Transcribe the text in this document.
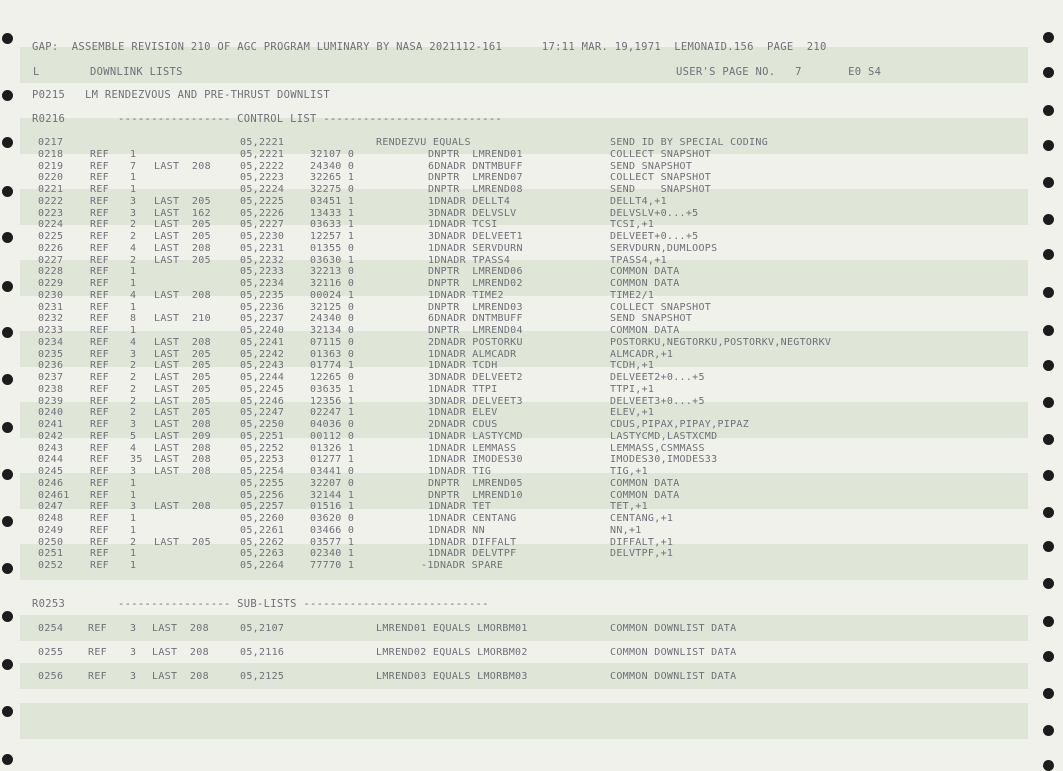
GAP:  ASSEMBLE REVISION 210 OF AGC PROGRAM LUMINARY BY NASA 2021112-161      17:11 MAR. 19,1971  LEMONAID.156  PAGE  210
L	DOWNLINK LISTS	USER'S PAGE NO.   7       E0 S4
P0215   LM RENDEZVOUS AND PRE-THRUST DOWNLIST
R0216	----------------- CONTROL LIST ---------------------------
0217	05,2221	RENDEZVU EQUALS	SEND ID BY SPECIAL CODING
0218	REF 1	05,2221	32107 0	DNPTR  LMREND01	COLLECT SNAPSHOT
0219	REF 7 LAST  208	05,2222	24340 0	6DNADR DNTMBUFF	SEND SNAPSHOT
0220	REF 1	05,2223	32265 1	DNPTR  LMREND07	COLLECT SNAPSHOT
0221	REF 1	05,2224	32275 0	DNPTR  LMREND08	SEND    SNAPSHOT
0222	REF 3 LAST  205	05,2225	03451 1	1DNADR DELLT4	DELLT4,+1
0223	REF 3 LAST  162	05,2226	13433 1	3DNADR DELVSLV	DELVSLV+0...+5
0224	REF 2 LAST  205	05,2227	03633 1	1DNADR TCSI	TCSI,+1
0225	REF 2 LAST  205	05,2230	12257 1	3DNADR DELVEET1	DELVEET+0...+5
0226	REF 4 LAST  208	05,2231	01355 0	1DNADR SERVDURN	SERVDURN,DUMLOOPS
0227	REF 2 LAST  205	05,2232	03630 1	1DNADR TPASS4	TPASS4,+1
0228	REF 1	05,2233	32213 0	DNPTR  LMREND06	COMMON DATA
0229	REF 1	05,2234	32116 0	DNPTR  LMREND02	COMMON DATA
0230	REF 4 LAST  208	05,2235	00024 1	1DNADR TIME2	TIME2/1
0231	REF 1	05,2236	32125 0	DNPTR  LMREND03	COLLECT SNAPSHOT
0232	REF 8 LAST  210	05,2237	24340 0	6DNADR DNTMBUFF	SEND SNAPSHOT
0233	REF 1	05,2240	32134 0	DNPTR  LMREND04	COMMON DATA
0234	REF 4 LAST  208	05,2241	07115 0	2DNADR POSTORKU	POSTORKU,NEGTORKU,POSTORKV,NEGTORKV
0235	REF 3 LAST  205	05,2242	01363 0	1DNADR ALMCADR	ALMCADR,+1
0236	REF 2 LAST  205	05,2243	01774 1	1DNADR TCDH	TCDH,+1
0237	REF 2 LAST  205	05,2244	12265 0	3DNADR DELVEET2	DELVEET2+0...+5
0238	REF 2 LAST  205	05,2245	03635 1	1DNADR TTPI	TTPI,+1
0239	REF 2 LAST  205	05,2246	12356 1	3DNADR DELVEET3	DELVEET3+0...+5
0240	REF 2 LAST  205	05,2247	02247 1	1DNADR ELEV	ELEV,+1
0241	REF 3 LAST  208	05,2250	04036 0	2DNADR CDUS	CDUS,PIPAX,PIPAY,PIPAZ
0242	REF 5 LAST  209	05,2251	00112 0	1DNADR LASTYCMD	LASTYCMD,LASTXCMD
0243	REF 4 LAST  208	05,2252	01326 1	1DNADR LEMMASS	LEMMASS,CSMMASS
0244	REF 35 LAST  208	05,2253	01277 1	1DNADR IMODES30	IMODES30,IMODES33
0245	REF 3 LAST  208	05,2254	03441 0	1DNADR TIG	TIG,+1
0246	REF 1	05,2255	32207 0	DNPTR  LMREND05	COMMON DATA
02461 REF 1	05,2256	32144 1	DNPTR  LMREND10	COMMON DATA
0247	REF 3 LAST  208	05,2257	01516 1	1DNADR TET	TET,+1
0248	REF 1	05,2260	03620 0	1DNADR CENTANG	CENTANG,+1
0249	REF 1	05,2261	03466 0	1DNADR NN	NN,+1
0250	REF 2 LAST  205	05,2262	03577 1	1DNADR DIFFALT	DIFFALT,+1
0251	REF 1	05,2263	02340 1	1DNADR DELVTPF	DELVTPF,+1
0252	REF 1	05,2264	77770 1	-1DNADR SPARE
R0253	----------------- SUB-LISTS ----------------------------
0254 REF 3 LAST  208	05,2107	LMREND01 EQUALS LMORBM01	COMMON DOWNLIST DATA
0255 REF 3 LAST  208	05,2116	LMREND02 EQUALS LMORBM02	COMMON DOWNLIST DATA
0256 REF 3 LAST  208	05,2125	LMREND03 EQUALS LMORBM03	COMMON DOWNLIST DATA
